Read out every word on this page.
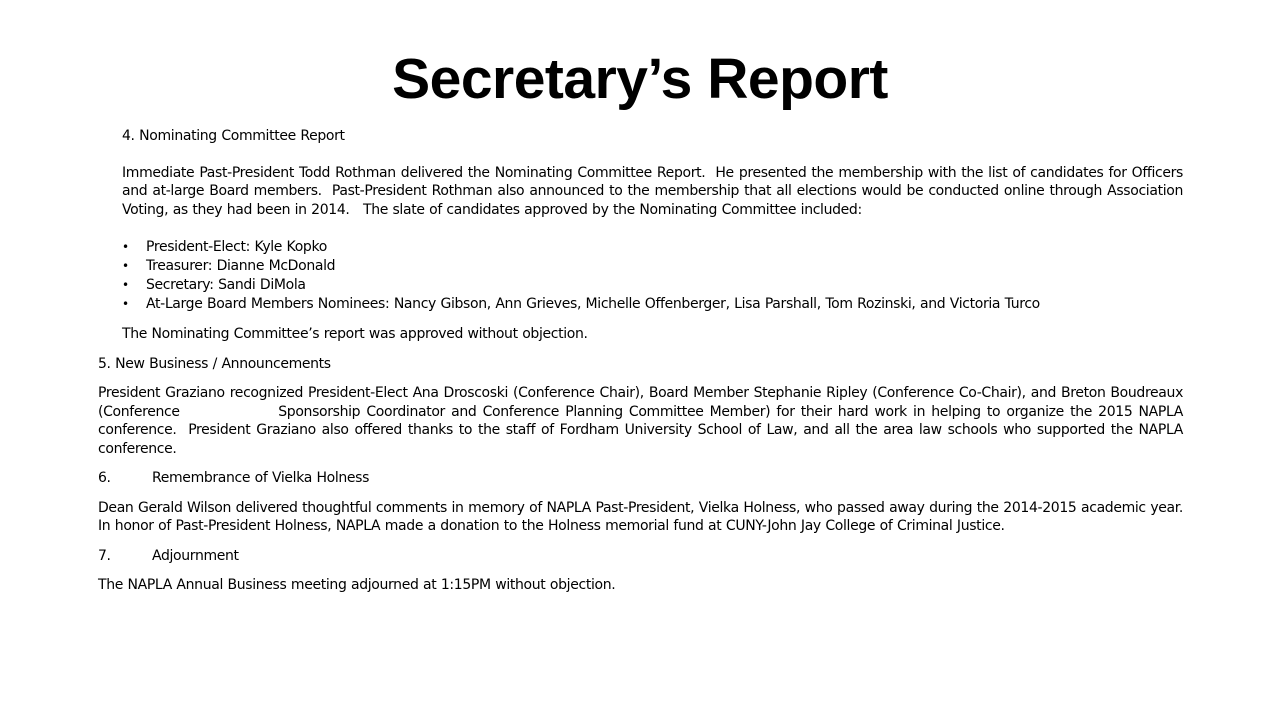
Secretary’s Report

4. Nominating Committee Report

Immediate Past-President Todd Rothman delivered the Nominating Committee Report.  He presented the membership with the list of candidates for Officers and at-large Board members.  Past-President Rothman also announced to the membership that all elections would be conducted online through Association Voting, as they had been in 2014.   The slate of candidates approved by the Nominating Committee included:

• President-Elect: Kyle Kopko
• Treasurer: Dianne McDonald
• Secretary: Sandi DiMola
• At-Large Board Members Nominees: Nancy Gibson, Ann Grieves, Michelle Offenberger, Lisa Parshall, Tom Rozinski, and Victoria Turco

The Nominating Committee’s report was approved without objection.

5. New Business / Announcements

President Graziano recognized President-Elect Ana Droscoski (Conference Chair), Board Member Stephanie Ripley (Conference Co-Chair), and Breton Boudreaux (Conference                Sponsorship Coordinator and Conference Planning Committee Member) for their hard work in helping to organize the 2015 NAPLA conference.  President Graziano also offered thanks to the staff of Fordham University School of Law, and all the area law schools who supported the NAPLA conference.

6.	Remembrance of Vielka Holness

Dean Gerald Wilson delivered thoughtful comments in memory of NAPLA Past-President, Vielka Holness, who passed away during the 2014-2015 academic year. In honor of Past-President Holness, NAPLA made a donation to the Holness memorial fund at CUNY-John Jay College of Criminal Justice.

7.	Adjournment

The NAPLA Annual Business meeting adjourned at 1:15PM without objection.
